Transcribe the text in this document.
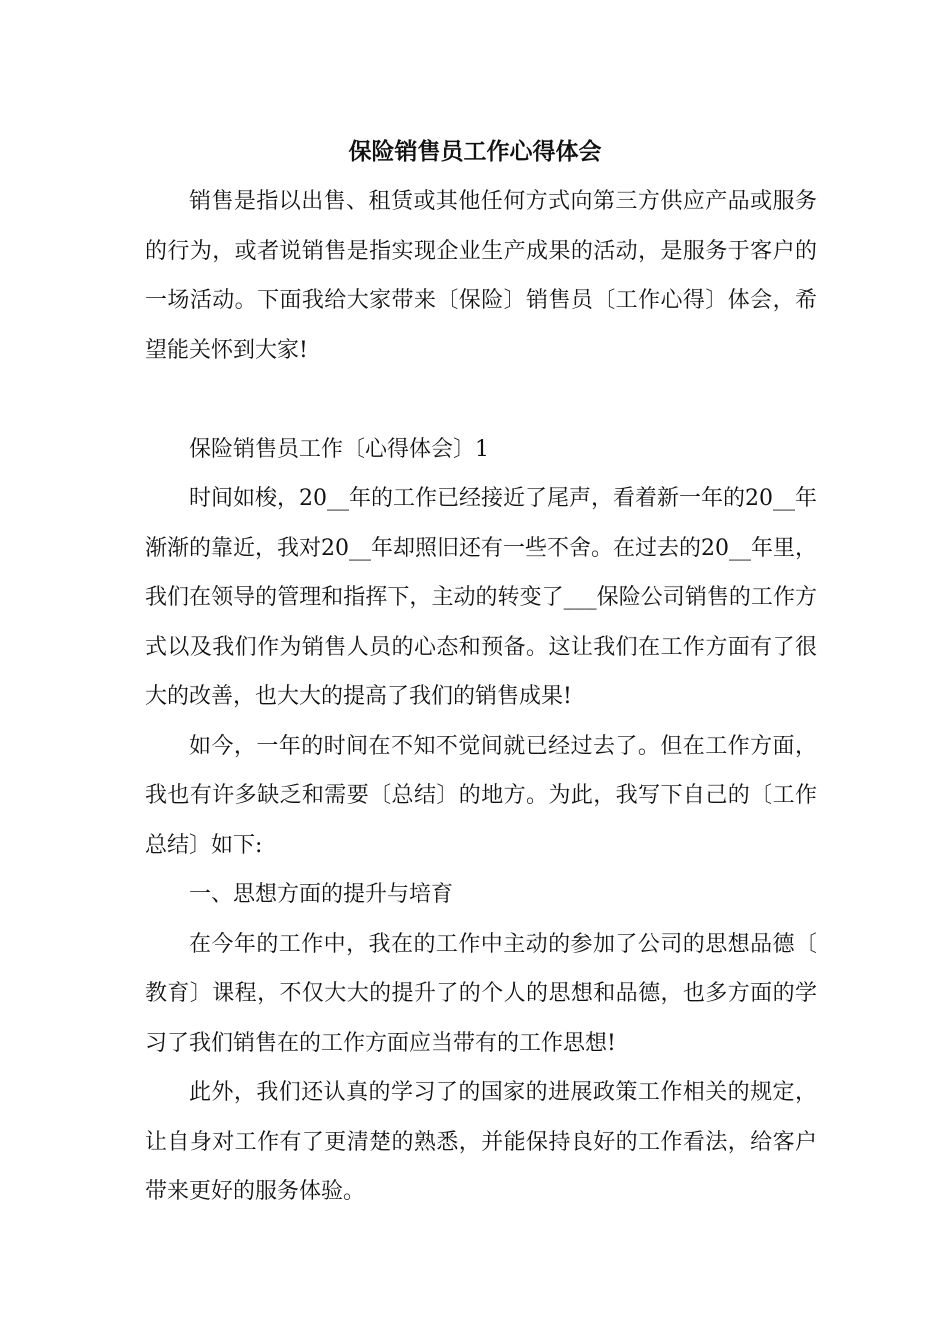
保险销售员工作心得体会

销售是指以出售、租赁或其他任何方式向第三方供应产品或服务的行为，或者说销售是指实现企业生产成果的活动，是服务于客户的一场活动。下面我给大家带来〔保险〕销售员〔工作心得〕体会，希望能关怀到大家!

保险销售员工作〔心得体会〕1

时间如梭，20__年的工作已经接近了尾声，看着新一年的20__年渐渐的靠近，我对20__年却照旧还有一些不舍。在过去的20__年里，我们在领导的管理和指挥下，主动的转变了___保险公司销售的工作方式以及我们作为销售人员的心态和预备。这让我们在工作方面有了很大的改善，也大大的提高了我们的销售成果!

如今，一年的时间在不知不觉间就已经过去了。但在工作方面，我也有许多缺乏和需要〔总结〕的地方。为此，我写下自己的〔工作总结〕如下:

一、思想方面的提升与培育

在今年的工作中，我在的工作中主动的参加了公司的思想品德〔教育〕课程，不仅大大的提升了的个人的思想和品德，也多方面的学习了我们销售在的工作方面应当带有的工作思想!

此外，我们还认真的学习了的国家的进展政策工作相关的规定，让自身对工作有了更清楚的熟悉，并能保持良好的工作看法，给客户带来更好的服务体验。
